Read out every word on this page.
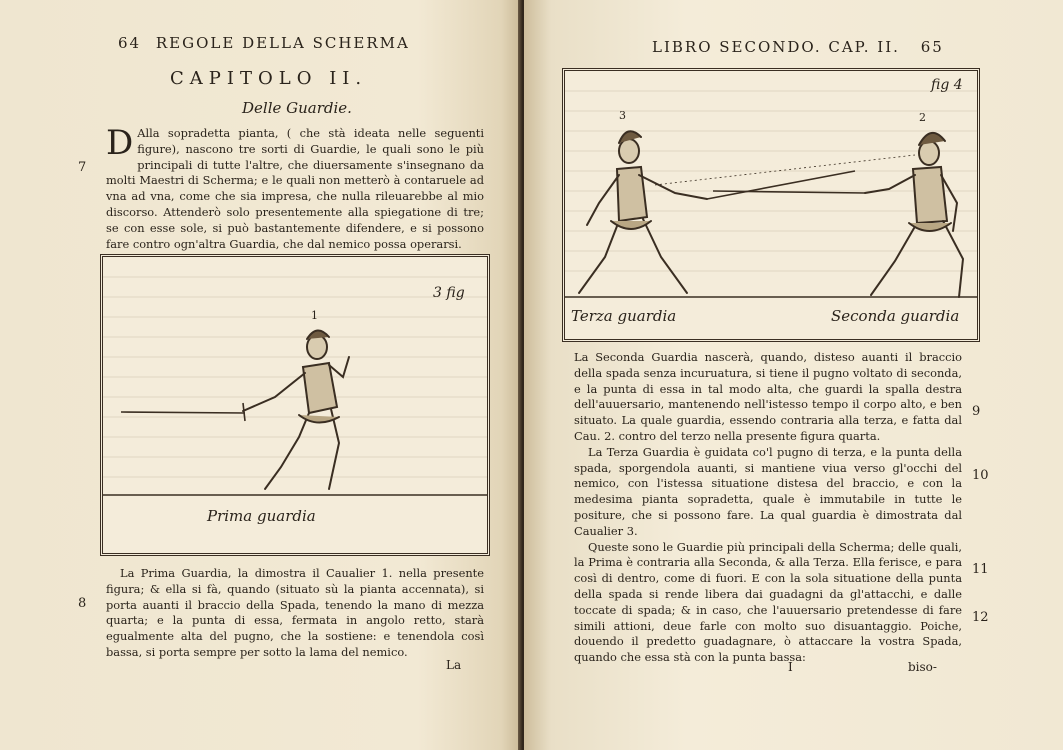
64 REGOLE DELLA SCHERMA
CAPITOLO II.
Delle Guardie.
D Alla sopradetta pianta, ( che stà ideata nelle seguenti figure), nascono tre sorti di Guardie, le quali sono le più principali di tutte l'altre, che diuersamente s'insegnano da molti Maestri di Scherma; e le quali non metterò à contaruele ad vna ad vna, come che sia impresa, che nulla rileuarebbe al mio discorso. Attenderò solo presentemente alla spiegatione di tre; se con esse sole, si può bastantemente difendere, e si possono fare contro ogn'altra Guardia, che dal nemico possa operarsi.
7
3 fig
1
Prima guardia

La Prima Guardia, la dimostra il Caualier 1. nella presente figura; & ella si fà, quando (situato sù la pianta accennata), si porta auanti il braccio della Spada, tenendo la mano di mezza quarta; e la punta di essa, fermata in angolo retto, starà egualmente alta del pugno, che la sostiene: e tenendola così bassa, si porta sempre per sotto la lama del nemico.

8
La
LIBRO SECONDO. CAP. II. 65
fig 4
3	2
Terza guardia	Seconda guardia

La Seconda Guardia nascerà, quando, disteso auanti il braccio della spada senza incuruatura, si tiene il pugno voltato di seconda, e la punta di essa in tal modo alta, che guardi la spalla destra dell'auuersario, mantenendo nell'istesso tempo il corpo alto, e ben situato. La quale guardia, essendo contraria alla terza, e fatta dal Cau. 2. contro del terzo nella presente figura quarta.

La Terza Guardia è guidata co'l pugno di terza, e la punta della spada, sporgendola auanti, si mantiene viua verso gl'occhi del nemico, con l'istessa situatione distesa del braccio, e con la medesima pianta sopradetta, quale è immutabile in tutte le positure, che si possono fare. La qual guardia è dimostrata dal Caualier 3.

Queste sono le Guardie più principali della Scherma; delle quali, la Prima è contraria alla Seconda, & alla Terza. Ella ferisce, e para così di dentro, come di fuori. E con la sola situatione della punta della spada si rende libera dai guadagni da gl'attacchi, e dalle toccate di spada; & in caso, che l'auuersario pretendesse di fare simili attioni, deue farle con molto suo disuantaggio. Poiche, douendo il predetto guadagnare, ò attaccare la vostra Spada, quando che essa stà con la punta bassa:

9
10
11
12
I	biso-
